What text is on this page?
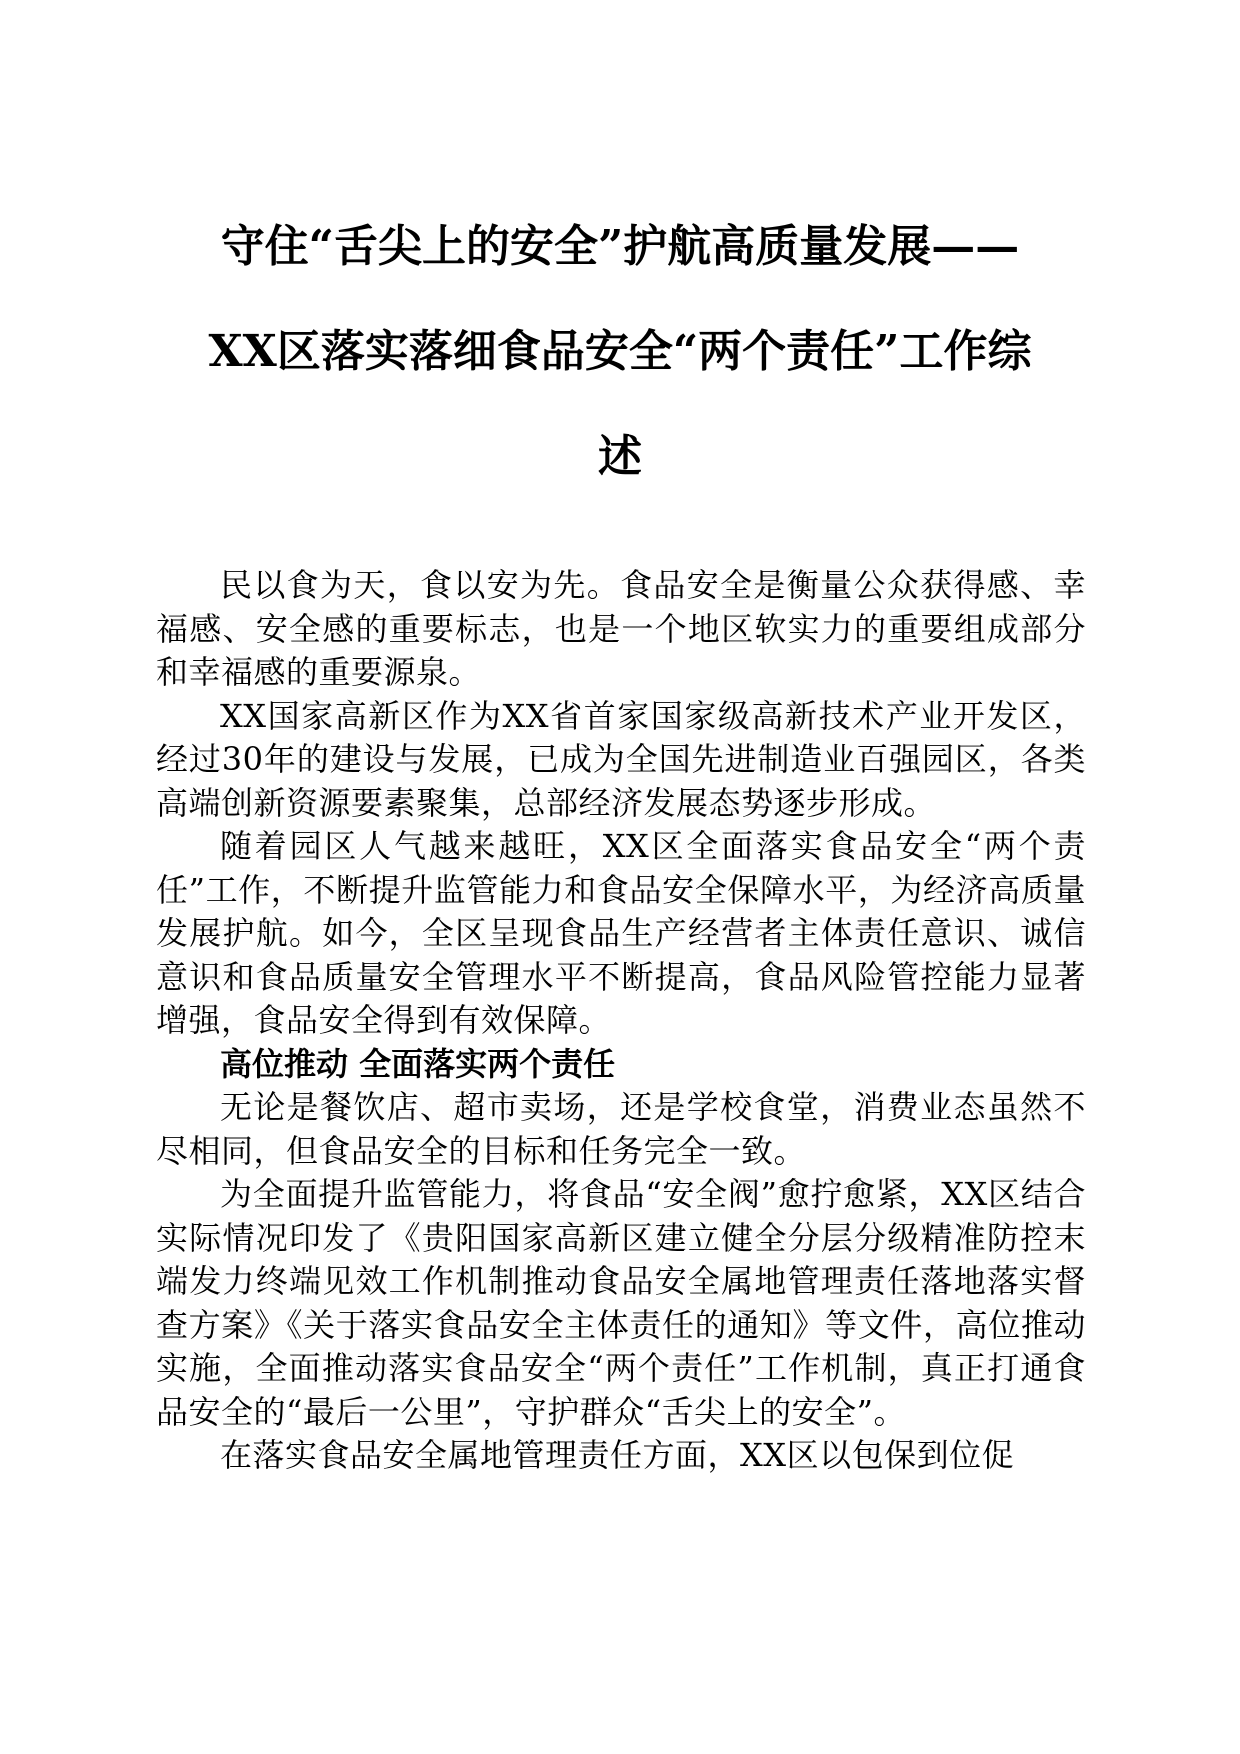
守住“舌尖上的安全”护航高质量发展——
XX区落实落细食品安全“两个责任”工作综
述

民以食为天，食以安为先。食品安全是衡量公众获得感、幸福感、安全感的重要标志，也是一个地区软实力的重要组成部分和幸福感的重要源泉。

XX国家高新区作为XX省首家国家级高新技术产业开发区，经过30年的建设与发展，已成为全国先进制造业百强园区，各类高端创新资源要素聚集，总部经济发展态势逐步形成。

随着园区人气越来越旺，XX区全面落实食品安全“两个责任”工作，不断提升监管能力和食品安全保障水平，为经济高质量发展护航。如今，全区呈现食品生产经营者主体责任意识、诚信意识和食品质量安全管理水平不断提高，食品风险管控能力显著增强，食品安全得到有效保障。

高位推动 全面落实两个责任

无论是餐饮店、超市卖场，还是学校食堂，消费业态虽然不尽相同，但食品安全的目标和任务完全一致。

为全面提升监管能力，将食品“安全阀”愈拧愈紧，XX区结合实际情况印发了《贵阳国家高新区建立健全分层分级精准防控末端发力终端见效工作机制推动食品安全属地管理责任落地落实督查方案》《关于落实食品安全主体责任的通知》等文件，高位推动实施，全面推动落实食品安全“两个责任”工作机制，真正打通食品安全的“最后一公里”，守护群众“舌尖上的安全”。

在落实食品安全属地管理责任方面，XX区以包保到位促
